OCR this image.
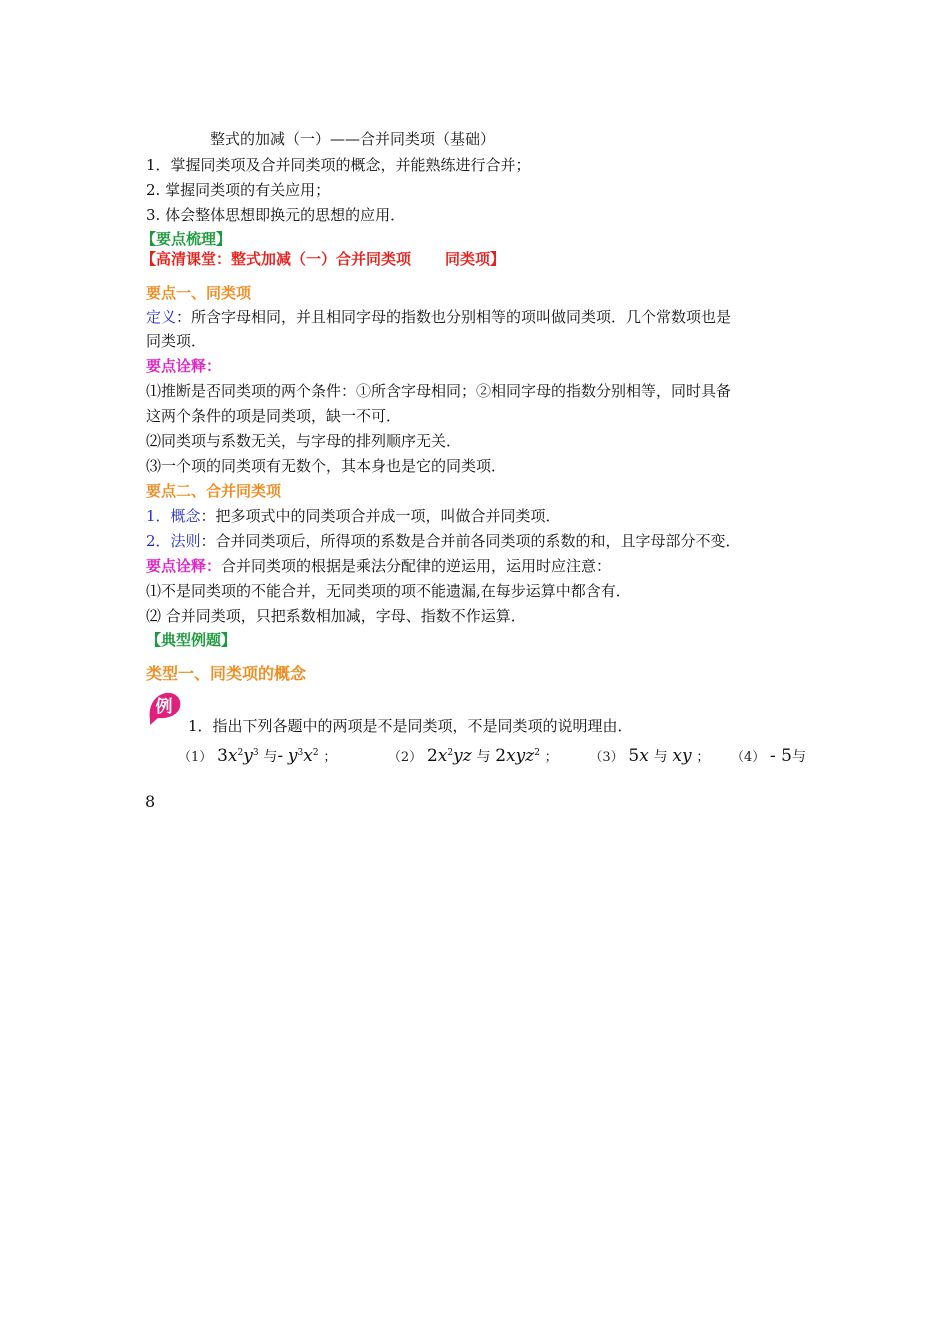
整式的加减（一）——合并同类项（基础）
1．掌握同类项及合并同类项的概念，并能熟练进行合并；
2. 掌握同类项的有关应用；
3. 体会整体思想即换元的思想的应用．
【要点梳理】
【高清课堂：整式加减（一）合并同类项 同类项】
要点一、同类项
定义：所含字母相同，并且相同字母的指数也分别相等的项叫做同类项．几个常数项也是
同类项．
要点诠释：
⑴推断是否同类项的两个条件：①所含字母相同；②相同字母的指数分别相等，同时具备
这两个条件的项是同类项，缺一不可．
⑵同类项与系数无关，与字母的排列顺序无关．
⑶一个项的同类项有无数个，其本身也是它的同类项．
要点二、合并同类项
1．概念：把多项式中的同类项合并成一项，叫做合并同类项．
2．法则：合并同类项后，所得项的系数是合并前各同类项的系数的和，且字母部分不变．
要点诠释：合并同类项的根据是乘法分配律的逆运用，运用时应注意：
⑴不是同类项的不能合并，无同类项的项不能遗漏,在每步运算中都含有．
⑵ 合并同类项，只把系数相加减，字母、指数不作运算．
【典型例题】
类型一、同类项的概念
例
1．指出下列各题中的两项是不是同类项，不是同类项的说明理由．
（1） $3x^2y^3$ 与- $y^3x^2$ ；	（2） $2x^2yz$ 与 2xyz$^2$ ； （3） 5x 与 xy ； （4） - 5与
8
